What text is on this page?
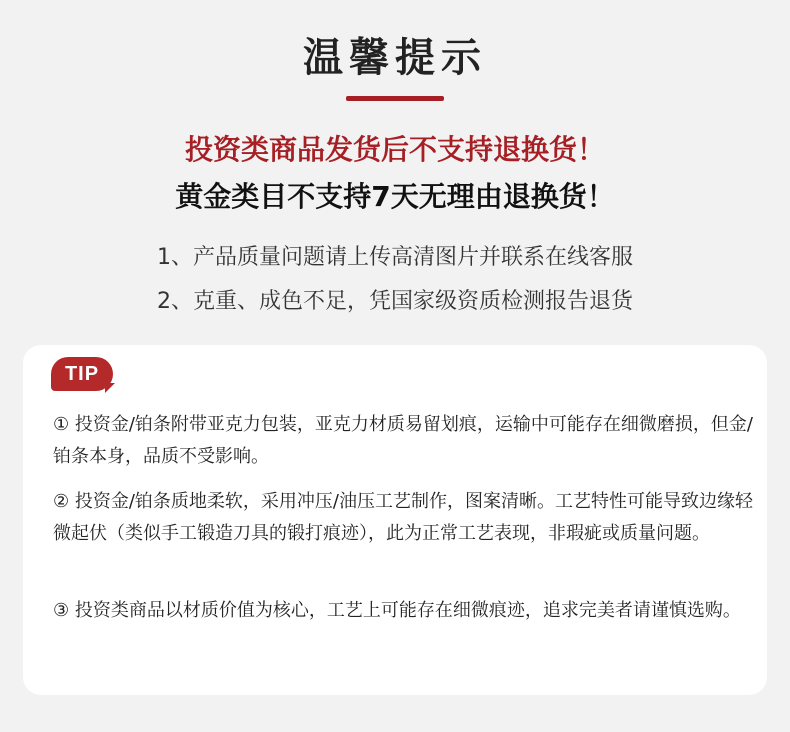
温馨提示
投资类商品发货后不支持退换货！
黄金类目不支持7天无理由退换货！
1、产品质量问题请上传高清图片并联系在线客服
2、克重、成色不足，凭国家级资质检测报告退货
TIP
① 投资金/铂条附带亚克力包装，亚克力材质易留划痕，运输中可能存在细微磨损，但金/铂条本身，品质不受影响。
② 投资金/铂条质地柔软，采用冲压/油压工艺制作，图案清晰。工艺特性可能导致边缘轻微起伏（类似手工锻造刀具的锻打痕迹），此为正常工艺表现，非瑕疵或质量问题。
③ 投资类商品以材质价值为核心，工艺上可能存在细微痕迹，追求完美者请谨慎选购。
